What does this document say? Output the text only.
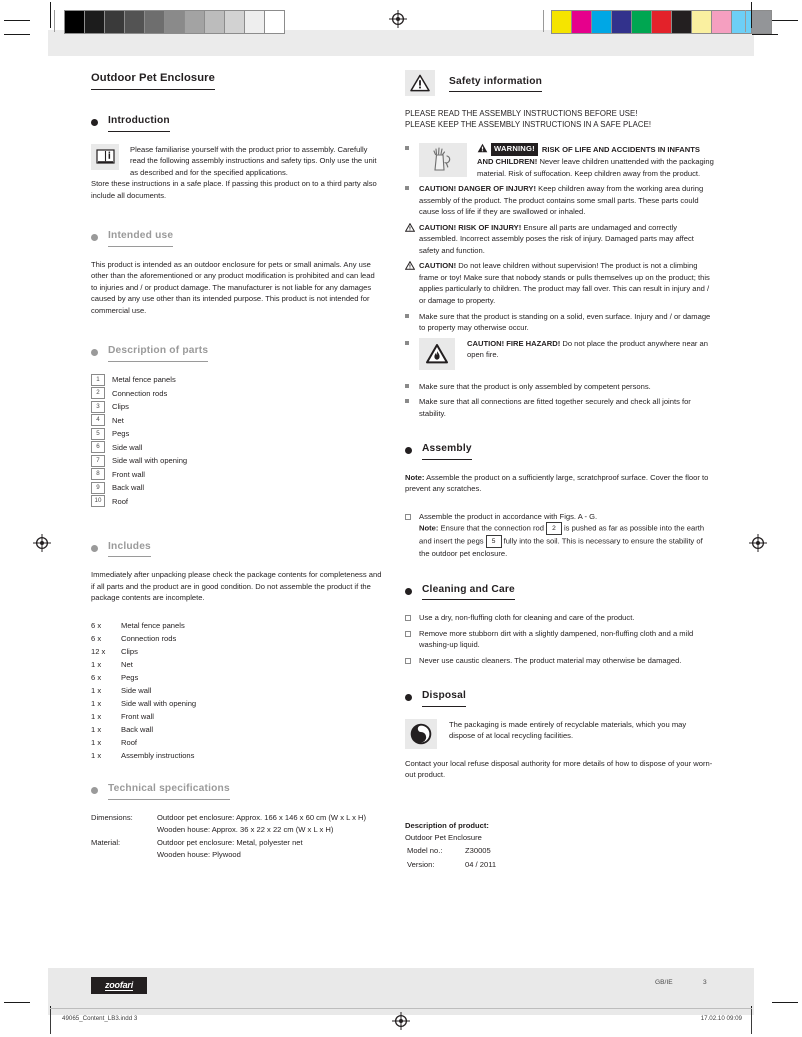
Outdoor Pet Enclosure
Introduction
Please familiarise yourself with the product prior to assembly. Carefully read the following assembly instructions and safety tips. Only use the unit as described and for the specified applications.

Store these instructions in a safe place. If passing this product on to a third party also include all documents.

Intended use

This product is intended as an outdoor enclosure for pets or small animals. Any use other than the aforementioned or any product modification is prohibited and can lead to injuries and / or product damage. The manufacturer is not liable for any damages caused by any use other than its intended purpose. This product is not intended for commercial use.

Description of parts
1	Metal fence panels
2	Connection rods
3	Clips
4	Net
5	Pegs
6	Side wall
7	Side wall with opening
8	Front wall
9	Back wall
10	Roof
Includes

Immediately after unpacking please check the package contents for completeness and if all parts and the product are in good condition. Do not assemble the product if the package contents are incomplete.

6 x	Metal fence panels
6 x	Connection rods
12 x	Clips
1 x	Net
6 x	Pegs
1 x	Side wall
1 x	Side wall with opening
1 x	Front wall
1 x	Back wall
1 x	Roof
1 x	Assembly instructions
Technical specifications
Dimensions:	Outdoor pet enclosure: Approx. 166 x 146 x 60 cm (W x L x H)
	Wooden house: Approx. 36 x 22 x 22 cm (W x L x H)
Material:	Outdoor pet enclosure: Metal, polyester net
	Wooden house: Plywood
Safety information
PLEASE READ THE ASSEMBLY INSTRUCTIONS BEFORE USE!
PLEASE KEEP THE ASSEMBLY INSTRUCTIONS IN A SAFE PLACE!
WARNING! RISK OF LIFE AND ACCIDENTS IN INFANTS AND CHILDREN! Never leave children unattended with the packaging material. Risk of suffocation. Keep children away from the product.
CAUTION! DANGER OF INJURY! Keep children away from the working area during assembly of the product. The product contains some small parts. These parts could cause loss of life if they are swallowed or inhaled.
CAUTION! RISK OF INJURY! Ensure all parts are undamaged and correctly assembled. Incorrect assembly poses the risk of injury. Damaged parts may affect safety and function.
CAUTION! Do not leave children without supervision! The product is not a climbing frame or toy! Make sure that nobody stands or pulls themselves up on the product; this applies particularly to children. The product may fall over. This can result in injury and / or damage to property.
Make sure that the product is standing on a solid, even surface. Injury and / or damage to property may otherwise occur.
CAUTION! FIRE HAZARD! Do not place the product anywhere near an open fire.
Make sure that the product is only assembled by competent persons.
Make sure that all connections are fitted together securely and check all joints for stability.
Assembly

Note: Assemble the product on a sufficiently large, scratchproof surface. Cover the floor to prevent any scratches.

Assemble the product in accordance with Figs. A - G.
Note: Ensure that the connection rod 2 is pushed as far as possible into the earth and insert the pegs 5 fully into the soil. This is necessary to ensure the stability of the outdoor pet enclosure.
Cleaning and Care
Use a dry, non-fluffing cloth for cleaning and care of the product.
Remove more stubborn dirt with a slightly dampened, non-fluffing cloth and a mild washing-up liquid.
Never use caustic cleaners. The product material may otherwise be damaged.
Disposal
The packaging is made entirely of recyclable materials, which you may dispose of at local recycling facilities.

Contact your local refuse disposal authority for more details of how to dispose of your worn-out product.

Description of product:
Outdoor Pet Enclosure
Model no.:	Z30005
Version:	04 / 2011
zoofari	GB/IE	3
49065_Content_LB3.indd 3	17.02.10 09:09
